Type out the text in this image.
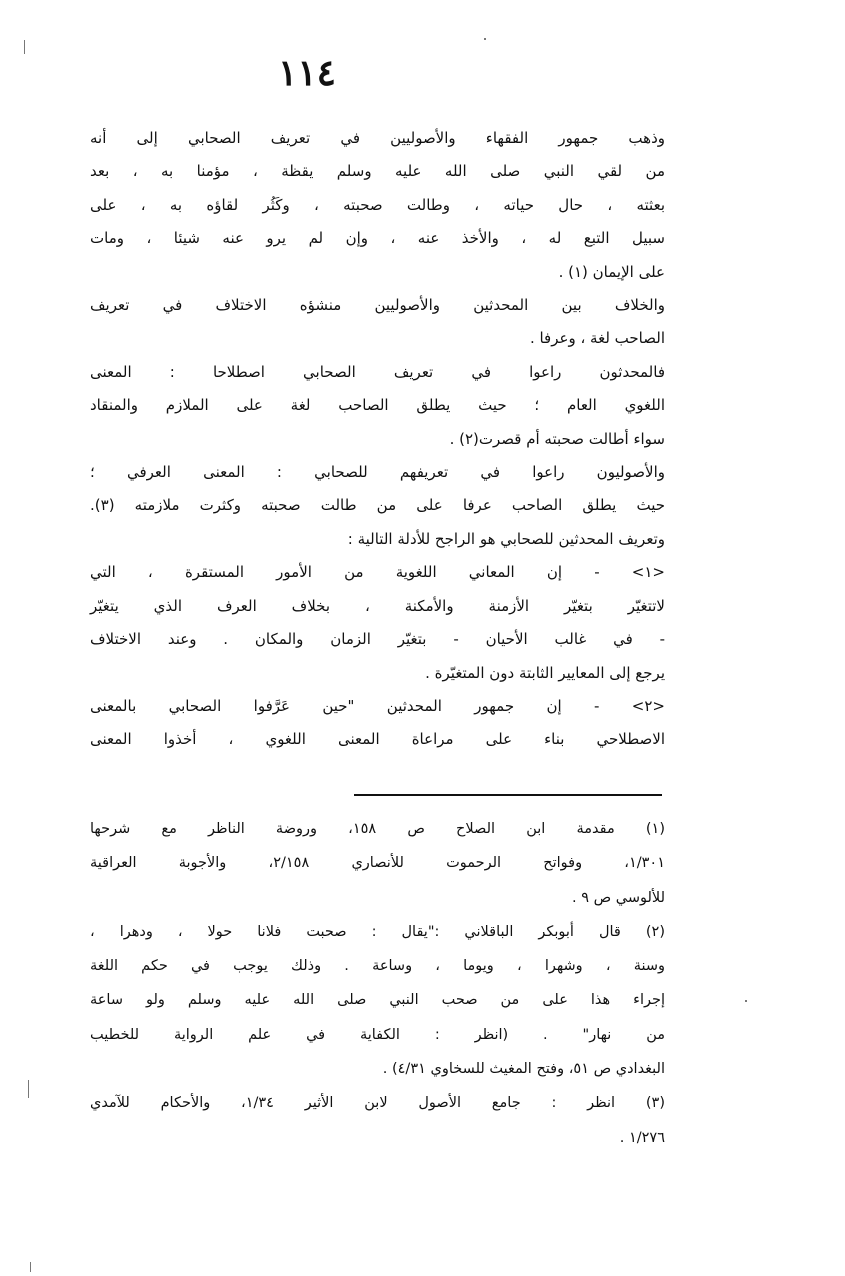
١١٤

وذهب جمهور الفقهاء والأصوليين في تعريف الصحابي إلى أنه

من لقي النبي صلى الله عليه وسلم يقظة ، مؤمنا به ، بعد

بعثته ، حال حياته ، وطالت صحبته ، وكَثُر لقاؤه به ، على

سبيل التبع له ، والأخذ عنه ، وإن لم يرو عنه شيئا ، ومات

على الإيمان (١) .

والخلاف بين المحدثين والأصوليين منشؤه الاختلاف في تعريف

الصاحب لغة ، وعرفا .

فالمحدثون راعوا في تعريف الصحابي اصطلاحا : المعنى

اللغوي العام ؛ حيث يطلق الصاحب لغة على الملازم والمنقاد

سواء أطالت صحبته أم قصرت(٢) .

والأصوليون راعوا في تعريفهم للصحابي : المعنى العرفي ؛

حيث يطلق الصاحب عرفا على من طالت صحبته وكثرت ملازمته (٣).

وتعريف المحدثين للصحابي هو الراجح للأدلة التالية :

<١> - إن المعاني اللغوية من الأمور المستقرة ، التي

لاتتغيّر بتغيّر الأزمنة والأمكنة ، بخلاف العرف الذي يتغيّر

- في غالب الأحيان - بتغيّر الزمان والمكان . وعند الاختلاف

يرجع إلى المعايير الثابتة دون المتغيّرة .

<٢> - إن جمهور المحدثين "حين عَرَّفوا الصحابي بالمعنى

الاصطلاحي بناء على مراعاة المعنى اللغوي ، أخذوا المعنى

(١) مقدمة ابن الصلاح ص ١٥٨، وروضة الناظر مع شرحها

١/٣٠١، وفواتح الرحموت للأنصاري ٢/١٥٨، والأجوبة العراقية

للألوسي ص ٩ .

(٢) قال أبوبكر الباقلاني :"يقال : صحبت فلانا حولا ، ودهرا ،

وسنة ، وشهرا ، ويوما ، وساعة . وذلك يوجب في حكم اللغة

إجراء هذا على من صحب النبي صلى الله عليه وسلم ولو ساعة

من نهار" . (انظر : الكفاية في علم الرواية للخطيب

البغدادي ص ٥١، وفتح المغيث للسخاوي ٤/٣١) .

(٣) انظر : جامع الأصول لابن الأثير ١/٣٤، والأحكام للآمدي

١/٢٧٦ .
